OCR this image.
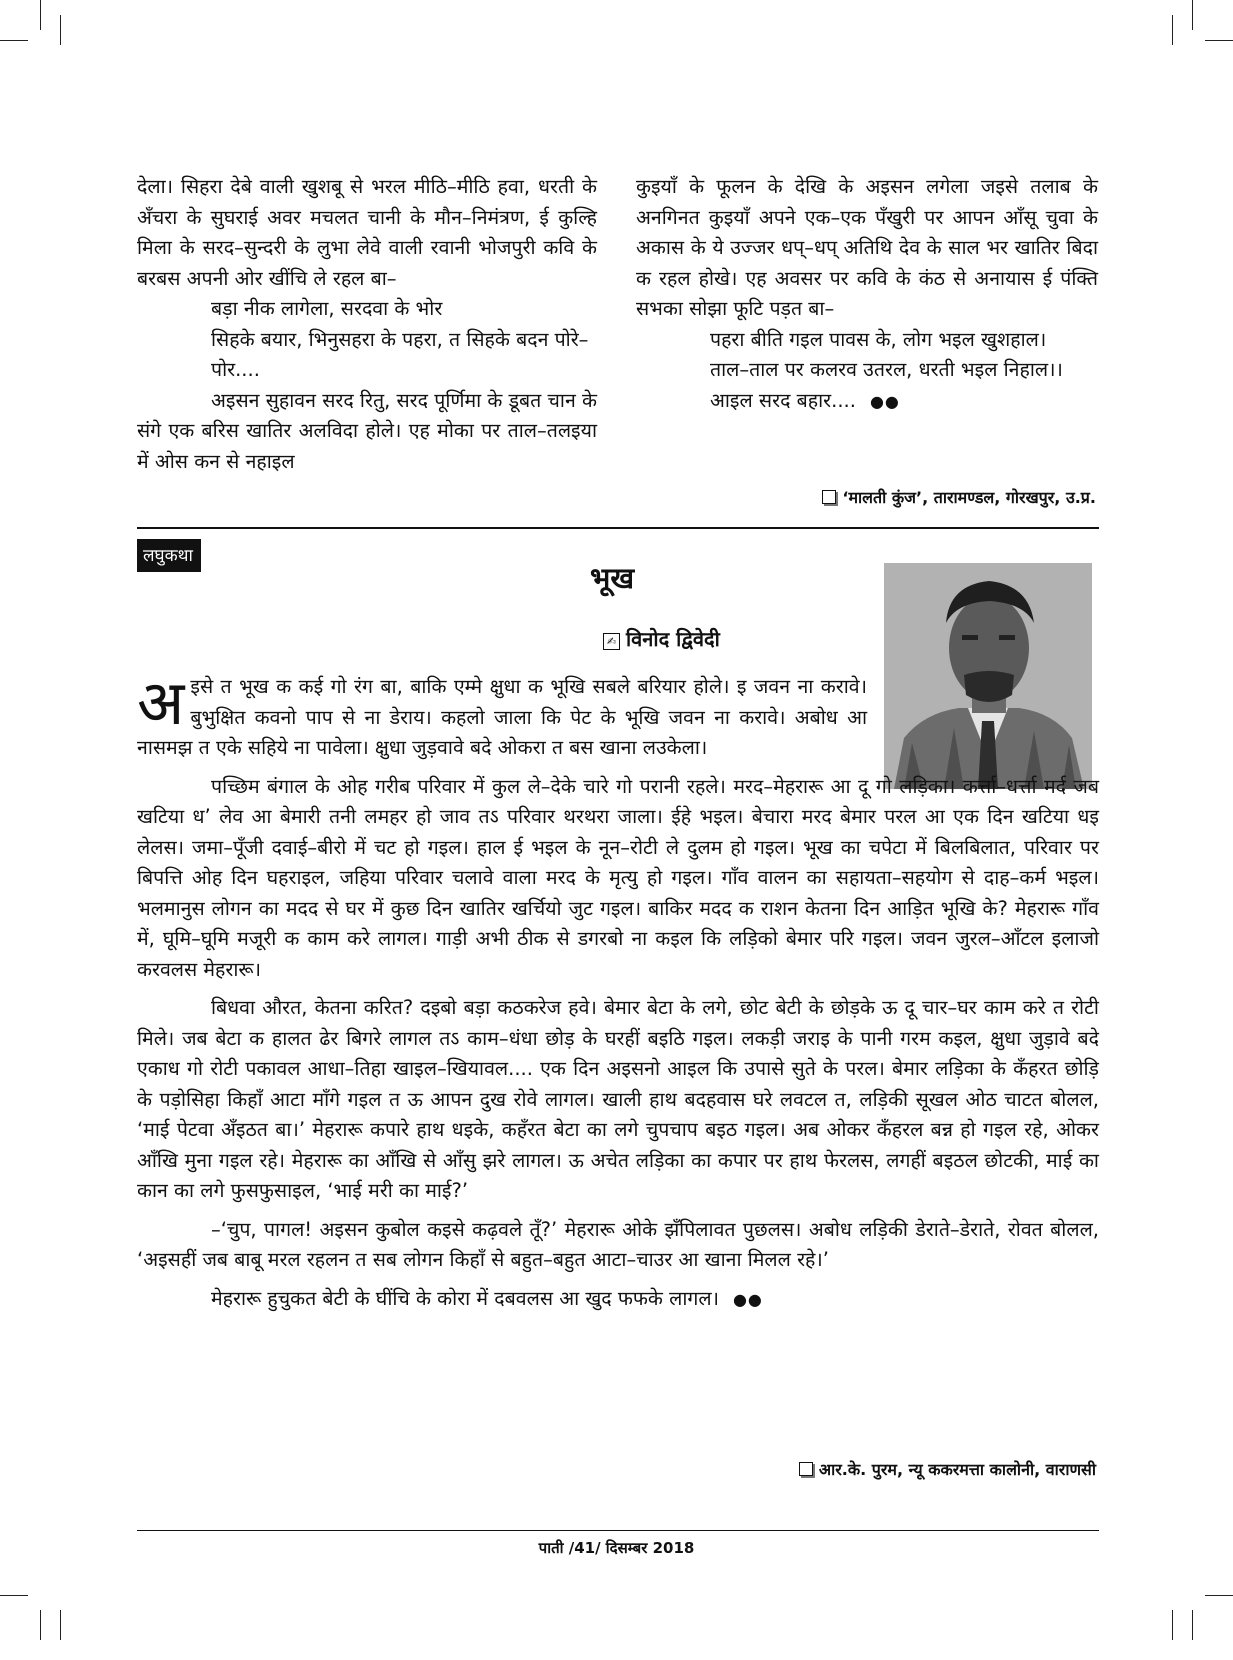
देला। सिहरा देबे वाली खुशबू से भरल मीठि–मीठि हवा, धरती के अँचरा के सुघराई अवर मचलत चानी के मौन–निमंत्रण, ई कुल्हि मिला के सरद–सुन्दरी के लुभा लेवे वाली रवानी भोजपुरी कवि के बरबस अपनी ओर खींचि ले रहल बा–

बड़ा नीक लागेला, सरदवा के भोर

सिहके बयार, भिनुसहरा के पहरा, त सिहके बदन पोरे–पोर....

अइसन सुहावन सरद रितु, सरद पूर्णिमा के डूबत चान के संगे एक बरिस खातिर अलविदा होले। एह मोका पर ताल–तलइया में ओस कन से नहाइल

कुइयाँ के फूलन के देखि के अइसन लगेला जइसे तलाब के अनगिनत कुइयाँ अपने एक–एक पँखुरी पर आपन आँसू चुवा के अकास के ये उज्जर धप्–धप् अतिथि देव के साल भर खातिर बिदा क रहल होखे। एह अवसर पर कवि के कंठ से अनायास ई पंक्ति सभका सोझा फूटि पड़त बा–

पहरा बीति गइल पावस के, लोग भइल खुशहाल।

ताल–ताल पर कलरव उतरल, धरती भइल निहाल।। आइल सरद बहार.... ●●

‘मालती कुंज’, तारामण्डल, गोरखपुर, उ.प्र.
लघुकथा
भूख
✍ विनोद द्विवेदी

अइसे त भूख क कई गो रंग बा, बाकि एम्मे क्षुधा क भूखि सबले बरियार होले। इ जवन ना करावे। बुभुक्षित कवनो पाप से ना डेराय। कहलो जाला कि पेट के भूखि जवन ना करावे। अबोध आ नासमझ त एके सहिये ना पावेला। क्षुधा जुड़वावे बदे ओकरा त बस खाना लउकेला।

पच्छिम बंगाल के ओह गरीब परिवार में कुल ले–देके चारे गो परानी रहले। मरद–मेहरारू आ दू गो लड़िका। कर्त्ता–धर्त्ता मर्द जब खटिया ध’ लेव आ बेमारी तनी लमहर हो जाव तऽ परिवार थरथरा जाला। ईहे भइल। बेचारा मरद बेमार परल आ एक दिन खटिया धइ लेलस। जमा–पूँजी दवाई–बीरो में चट हो गइल। हाल ई भइल के नून–रोटी ले दुलम हो गइल। भूख का चपेटा में बिलबिलात, परिवार पर बिपत्ति ओह दिन घहराइल, जहिया परिवार चलावे वाला मरद के मृत्यु हो गइल। गाँव वालन का सहायता–सहयोग से दाह–कर्म भइल। भलमानुस लोगन का मदद से घर में कुछ दिन खातिर खर्चियो जुट गइल। बाकिर मदद क राशन केतना दिन आड़ित भूखि के? मेहरारू गाँव में, घूमि–घूमि मजूरी क काम करे लागल। गाड़ी अभी ठीक से डगरबो ना कइल कि लड़िको बेमार परि गइल। जवन जुरल–आँटल इलाजो करवलस मेहरारू।

बिधवा औरत, केतना करित? दइबो बड़ा कठकरेज हवे। बेमार बेटा के लगे, छोट बेटी के छोड़के ऊ दू चार–घर काम करे त रोटी मिले। जब बेटा क हालत ढेर बिगरे लागल तऽ काम–धंधा छोड़ के घरहीं बइठि गइल। लकड़ी जराइ के पानी गरम कइल, क्षुधा जुड़ावे बदे एकाध गो रोटी पकावल आधा–तिहा खाइल–खियावल.... एक दिन अइसनो आइल कि उपासे सुते के परल। बेमार लड़िका के कँहरत छोड़ि के पड़ोसिहा किहाँ आटा माँगे गइल त ऊ आपन दुख रोवे लागल। खाली हाथ बदहवास घरे लवटल त, लड़िकी सूखल ओठ चाटत बोलल, ‘माई पेटवा अँइठत बा।’ मेहरारू कपारे हाथ धइके, कहँरत बेटा का लगे चुपचाप बइठ गइल। अब ओकर कँहरल बन्न हो गइल रहे, ओकर आँखि मुना गइल रहे। मेहरारू का आँखि से आँसु झरे लागल। ऊ अचेत लड़िका का कपार पर हाथ फेरलस, लगहीं बइठल छोटकी, माई का कान का लगे फुसफुसाइल, ‘भाई मरी का माई?’

–‘चुप, पागल! अइसन कुबोल कइसे कढ़वले तूँ?’ मेहरारू ओके झँपिलावत पुछलस। अबोध लड़िकी डेराते–डेराते, रोवत बोलल, ‘अइसहीं जब बाबू मरल रहलन त सब लोगन किहाँ से बहुत–बहुत आटा–चाउर आ खाना मिलल रहे।’

मेहरारू हुचुकत बेटी के घींचि के कोरा में दबवलस आ खुद फफके लागल। ●●

आर.के. पुरम, न्यू ककरमत्ता कालोनी, वाराणसी
पाती /41/ दिसम्बर 2018
